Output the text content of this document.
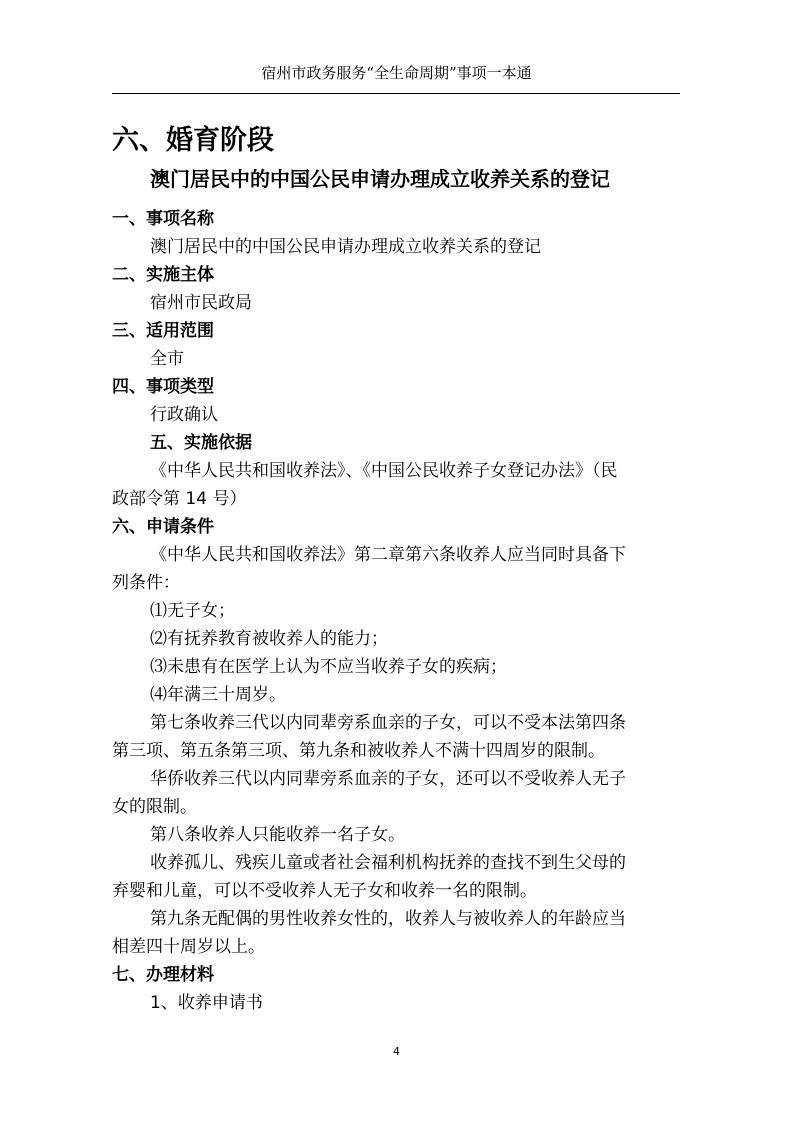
宿州市政务服务“全生命周期”事项一本通
六、婚育阶段
澳门居民中的中国公民申请办理成立收养关系的登记
一、事项名称
澳门居民中的中国公民申请办理成立收养关系的登记
二、实施主体
宿州市民政局
三、适用范围
全市
四、事项类型
行政确认
五、实施依据
《中华人民共和国收养法》、《中国公民收养子女登记办法》（民
政部令第 14 号）
六、申请条件
《中华人民共和国收养法》第二章第六条收养人应当同时具备下
列条件：
⑴无子女；
⑵有抚养教育被收养人的能力；
⑶未患有在医学上认为不应当收养子女的疾病；
⑷年满三十周岁。
第七条收养三代以内同辈旁系血亲的子女，可以不受本法第四条
第三项、第五条第三项、第九条和被收养人不满十四周岁的限制。
华侨收养三代以内同辈旁系血亲的子女，还可以不受收养人无子
女的限制。
第八条收养人只能收养一名子女。
收养孤儿、残疾儿童或者社会福利机构抚养的查找不到生父母的
弃婴和儿童，可以不受收养人无子女和收养一名的限制。
第九条无配偶的男性收养女性的，收养人与被收养人的年龄应当
相差四十周岁以上。
七、办理材料
1、收养申请书
4
